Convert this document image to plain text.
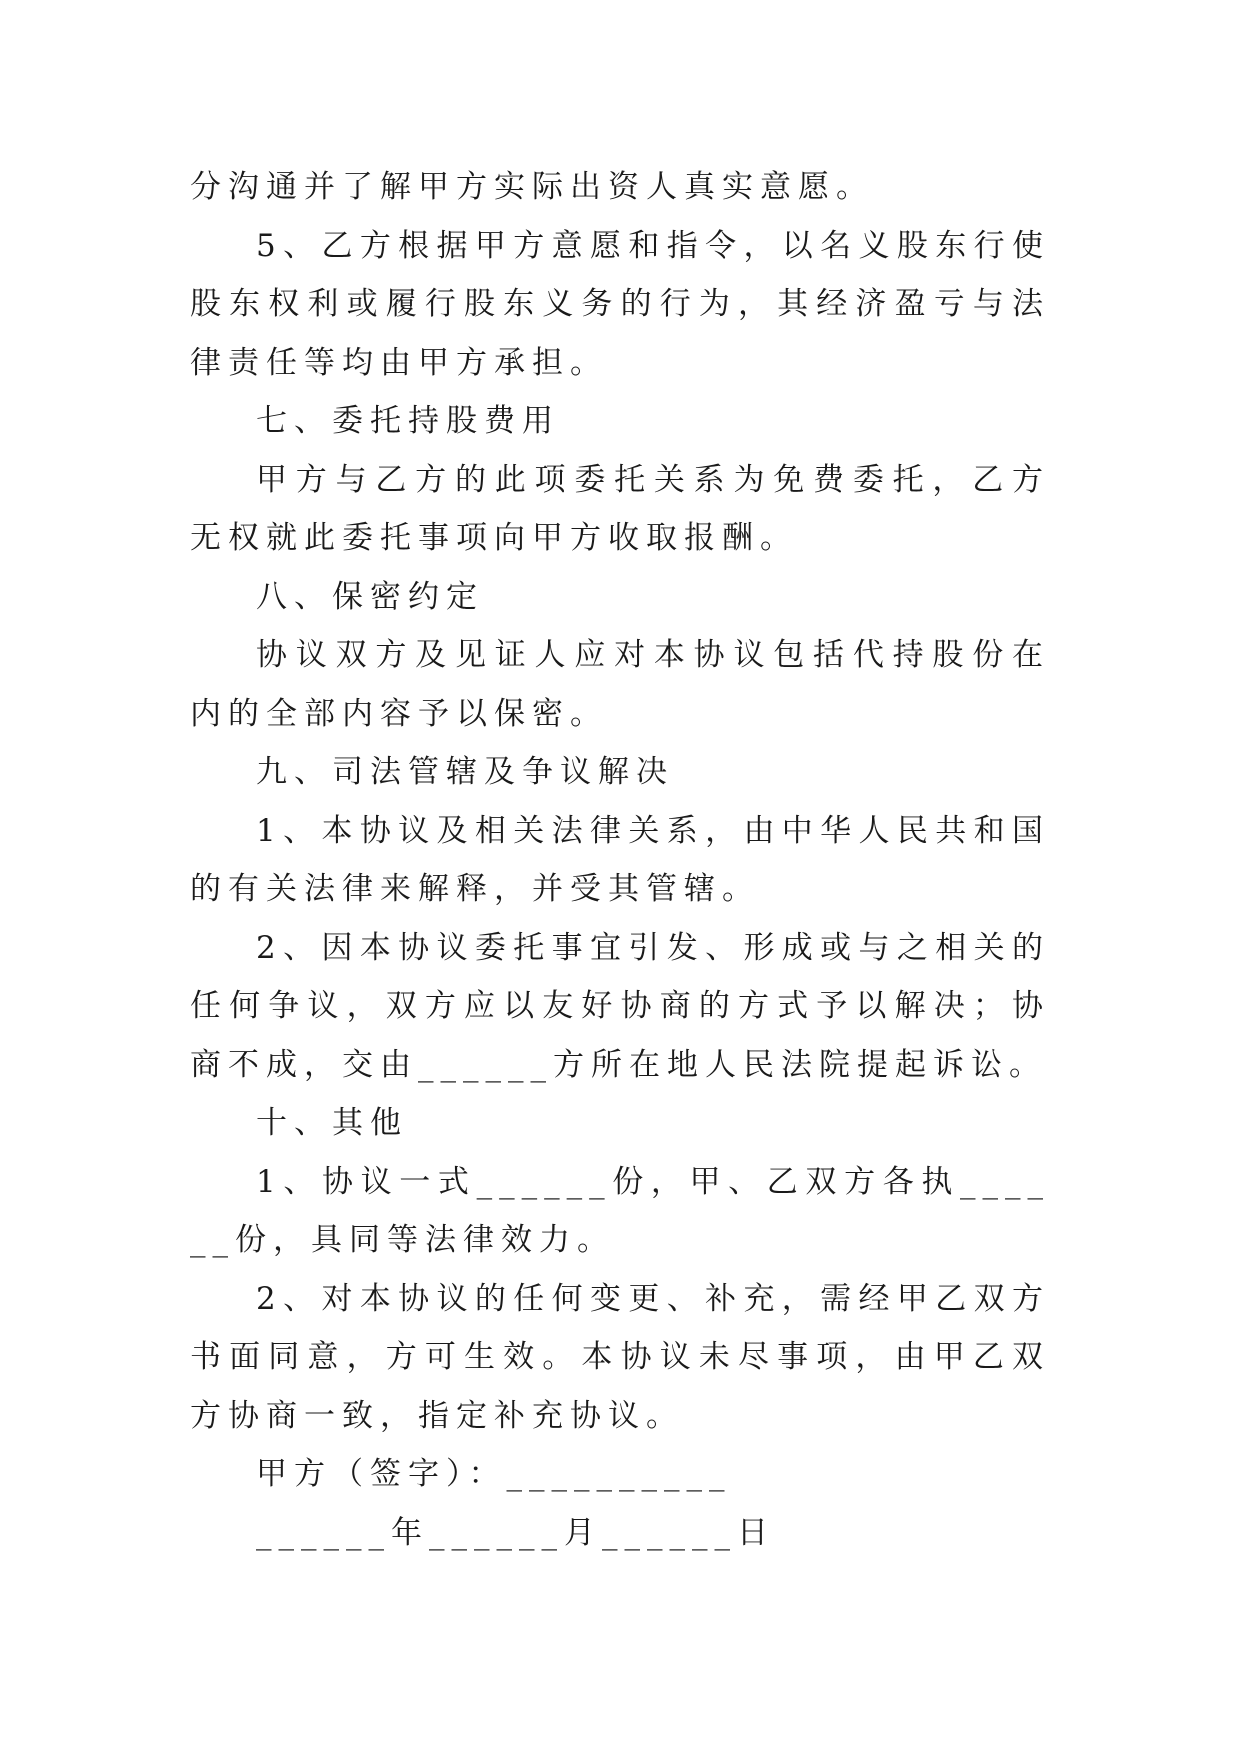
分沟通并了解甲方实际出资人真实意愿。

5、乙方根据甲方意愿和指令，以名义股东行使股东权利或履行股东义务的行为，其经济盈亏与法律责任等均由甲方承担。

七、委托持股费用

甲方与乙方的此项委托关系为免费委托，乙方无权就此委托事项向甲方收取报酬。

八、保密约定

协议双方及见证人应对本协议包括代持股份在内的全部内容予以保密。

九、司法管辖及争议解决

1、本协议及相关法律关系，由中华人民共和国的有关法律来解释，并受其管辖。

2、因本协议委托事宜引发、形成或与之相关的任何争议，双方应以友好协商的方式予以解决；协商不成，交由______方所在地人民法院提起诉讼。

十、其他

1、协议一式______份，甲、乙双方各执______份，具同等法律效力。

2、对本协议的任何变更、补充，需经甲乙双方书面同意，方可生效。本协议未尽事项，由甲乙双方协商一致，指定补充协议。

甲方（签字）：__________

______年______月______日
